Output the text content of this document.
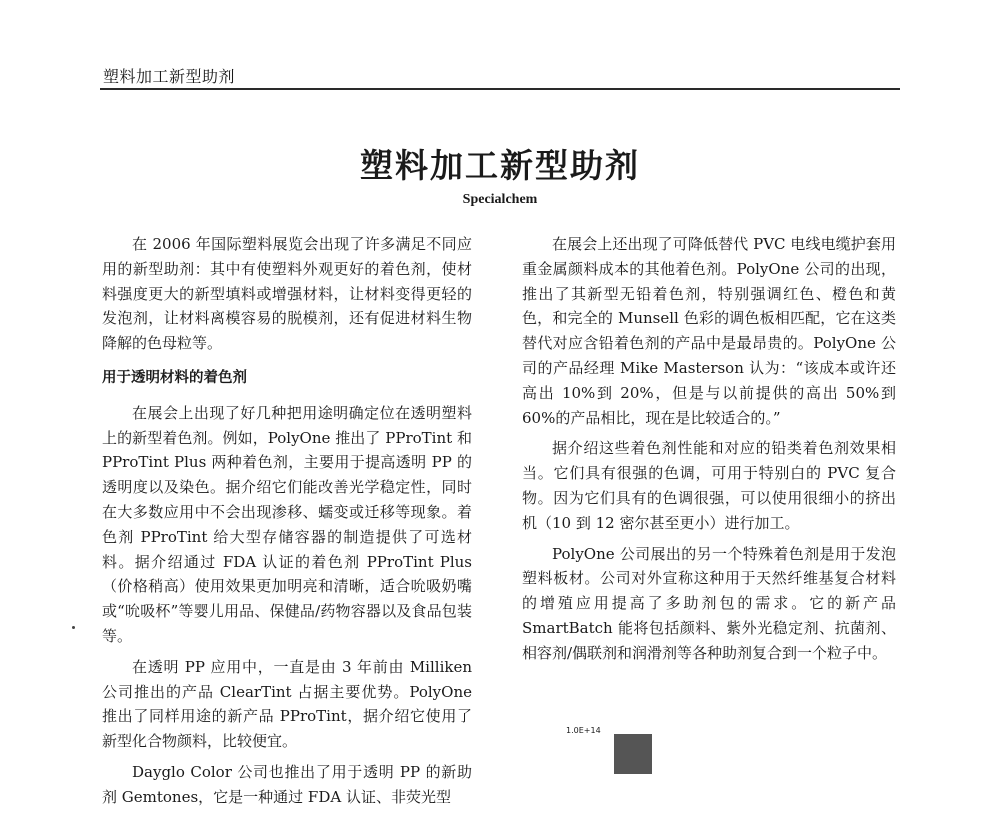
塑料加工新型助剂
塑料加工新型助剂
Specialchem

在 2006 年国际塑料展览会出现了许多满足不同应用的新型助剂：其中有使塑料外观更好的着色剂，使材料强度更大的新型填料或增强材料，让材料变得更轻的发泡剂，让材料离模容易的脱模剂，还有促进材料生物降解的色母粒等。

用于透明材料的着色剂

在展会上出现了好几种把用途明确定位在透明塑料上的新型着色剂。例如，PolyOne 推出了 PProTint 和 PProTint Plus 两种着色剂，主要用于提高透明 PP 的透明度以及染色。据介绍它们能改善光学稳定性，同时在大多数应用中不会出现渗移、蠕变或迁移等现象。着色剂 PProTint 给大型存储容器的制造提供了可选材料。据介绍通过 FDA 认证的着色剂 PProTint Plus（价格稍高）使用效果更加明亮和清晰，适合吮吸奶嘴或“吮吸杯”等婴儿用品、保健品/药物容器以及食品包装等。

在透明 PP 应用中，一直是由 3 年前由 Milliken 公司推出的产品 ClearTint 占据主要优势。PolyOne 推出了同样用途的新产品 PProTint，据介绍它使用了新型化合物颜料，比较便宜。

Dayglo Color 公司也推出了用于透明 PP 的新助剂 Gemtones，它是一种通过 FDA 认证、非荧光型

在展会上还出现了可降低替代 PVC 电线电缆护套用重金属颜料成本的其他着色剂。PolyOne 公司的出现，推出了其新型无铅着色剂，特别强调红色、橙色和黄色，和完全的 Munsell 色彩的调色板相匹配，它在这类替代对应含铅着色剂的产品中是最昂贵的。PolyOne 公司的产品经理 Mike Masterson 认为：“该成本或许还高出 10%到 20%，但是与以前提供的高出 50%到 60%的产品相比，现在是比较适合的。”

据介绍这些着色剂性能和对应的铅类着色剂效果相当。它们具有很强的色调，可用于特别白的 PVC 复合物。因为它们具有的色调很强，可以使用很细小的挤出机（10 到 12 密尔甚至更小）进行加工。

PolyOne 公司展出的另一个特殊着色剂是用于发泡塑料板材。公司对外宣称这种用于天然纤维基复合材料的增殖应用提高了多助剂包的需求。它的新产品 SmartBatch 能将包括颜料、紫外光稳定剂、抗菌剂、相容剂/偶联剂和润滑剂等各种助剂复合到一个粒子中。

1.0E+14
